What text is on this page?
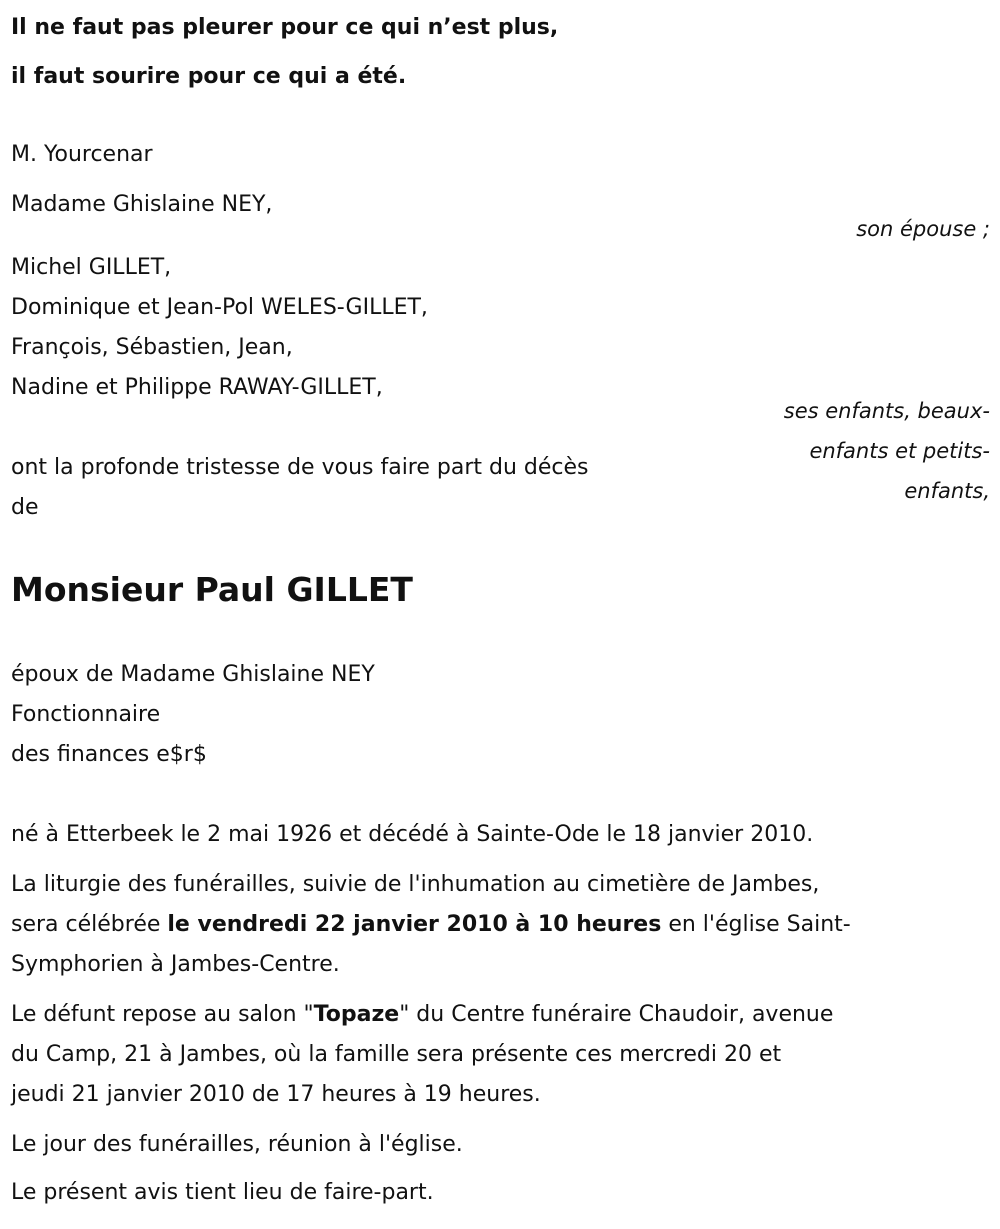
Il ne faut pas pleurer pour ce qui n’est plus,
il faut sourire pour ce qui a été.
M. Yourcenar
Madame Ghislaine NEY,
son épouse ;
Michel GILLET,
Dominique et Jean-Pol WELES-GILLET,
François, Sébastien, Jean,
Nadine et Philippe RAWAY-GILLET,
ses enfants, beaux-
enfants et petits-
enfants,
ont la profonde tristesse de vous faire part du décès
de
Monsieur Paul GILLET
époux de Madame Ghislaine NEY
Fonctionnaire
des finances e$r$
né à Etterbeek le 2 mai 1926 et décédé à Sainte-Ode le 18 janvier 2010.
La liturgie des funérailles, suivie de l'inhumation au cimetière de Jambes,
sera célébrée le vendredi 22 janvier 2010 à 10 heures en l'église Saint-
Symphorien à Jambes-Centre.
Le défunt repose au salon "Topaze" du Centre funéraire Chaudoir, avenue
du Camp, 21 à Jambes, où la famille sera présente ces mercredi 20 et
jeudi 21 janvier 2010 de 17 heures à 19 heures.
Le jour des funérailles, réunion à l'église.
Le présent avis tient lieu de faire-part.
